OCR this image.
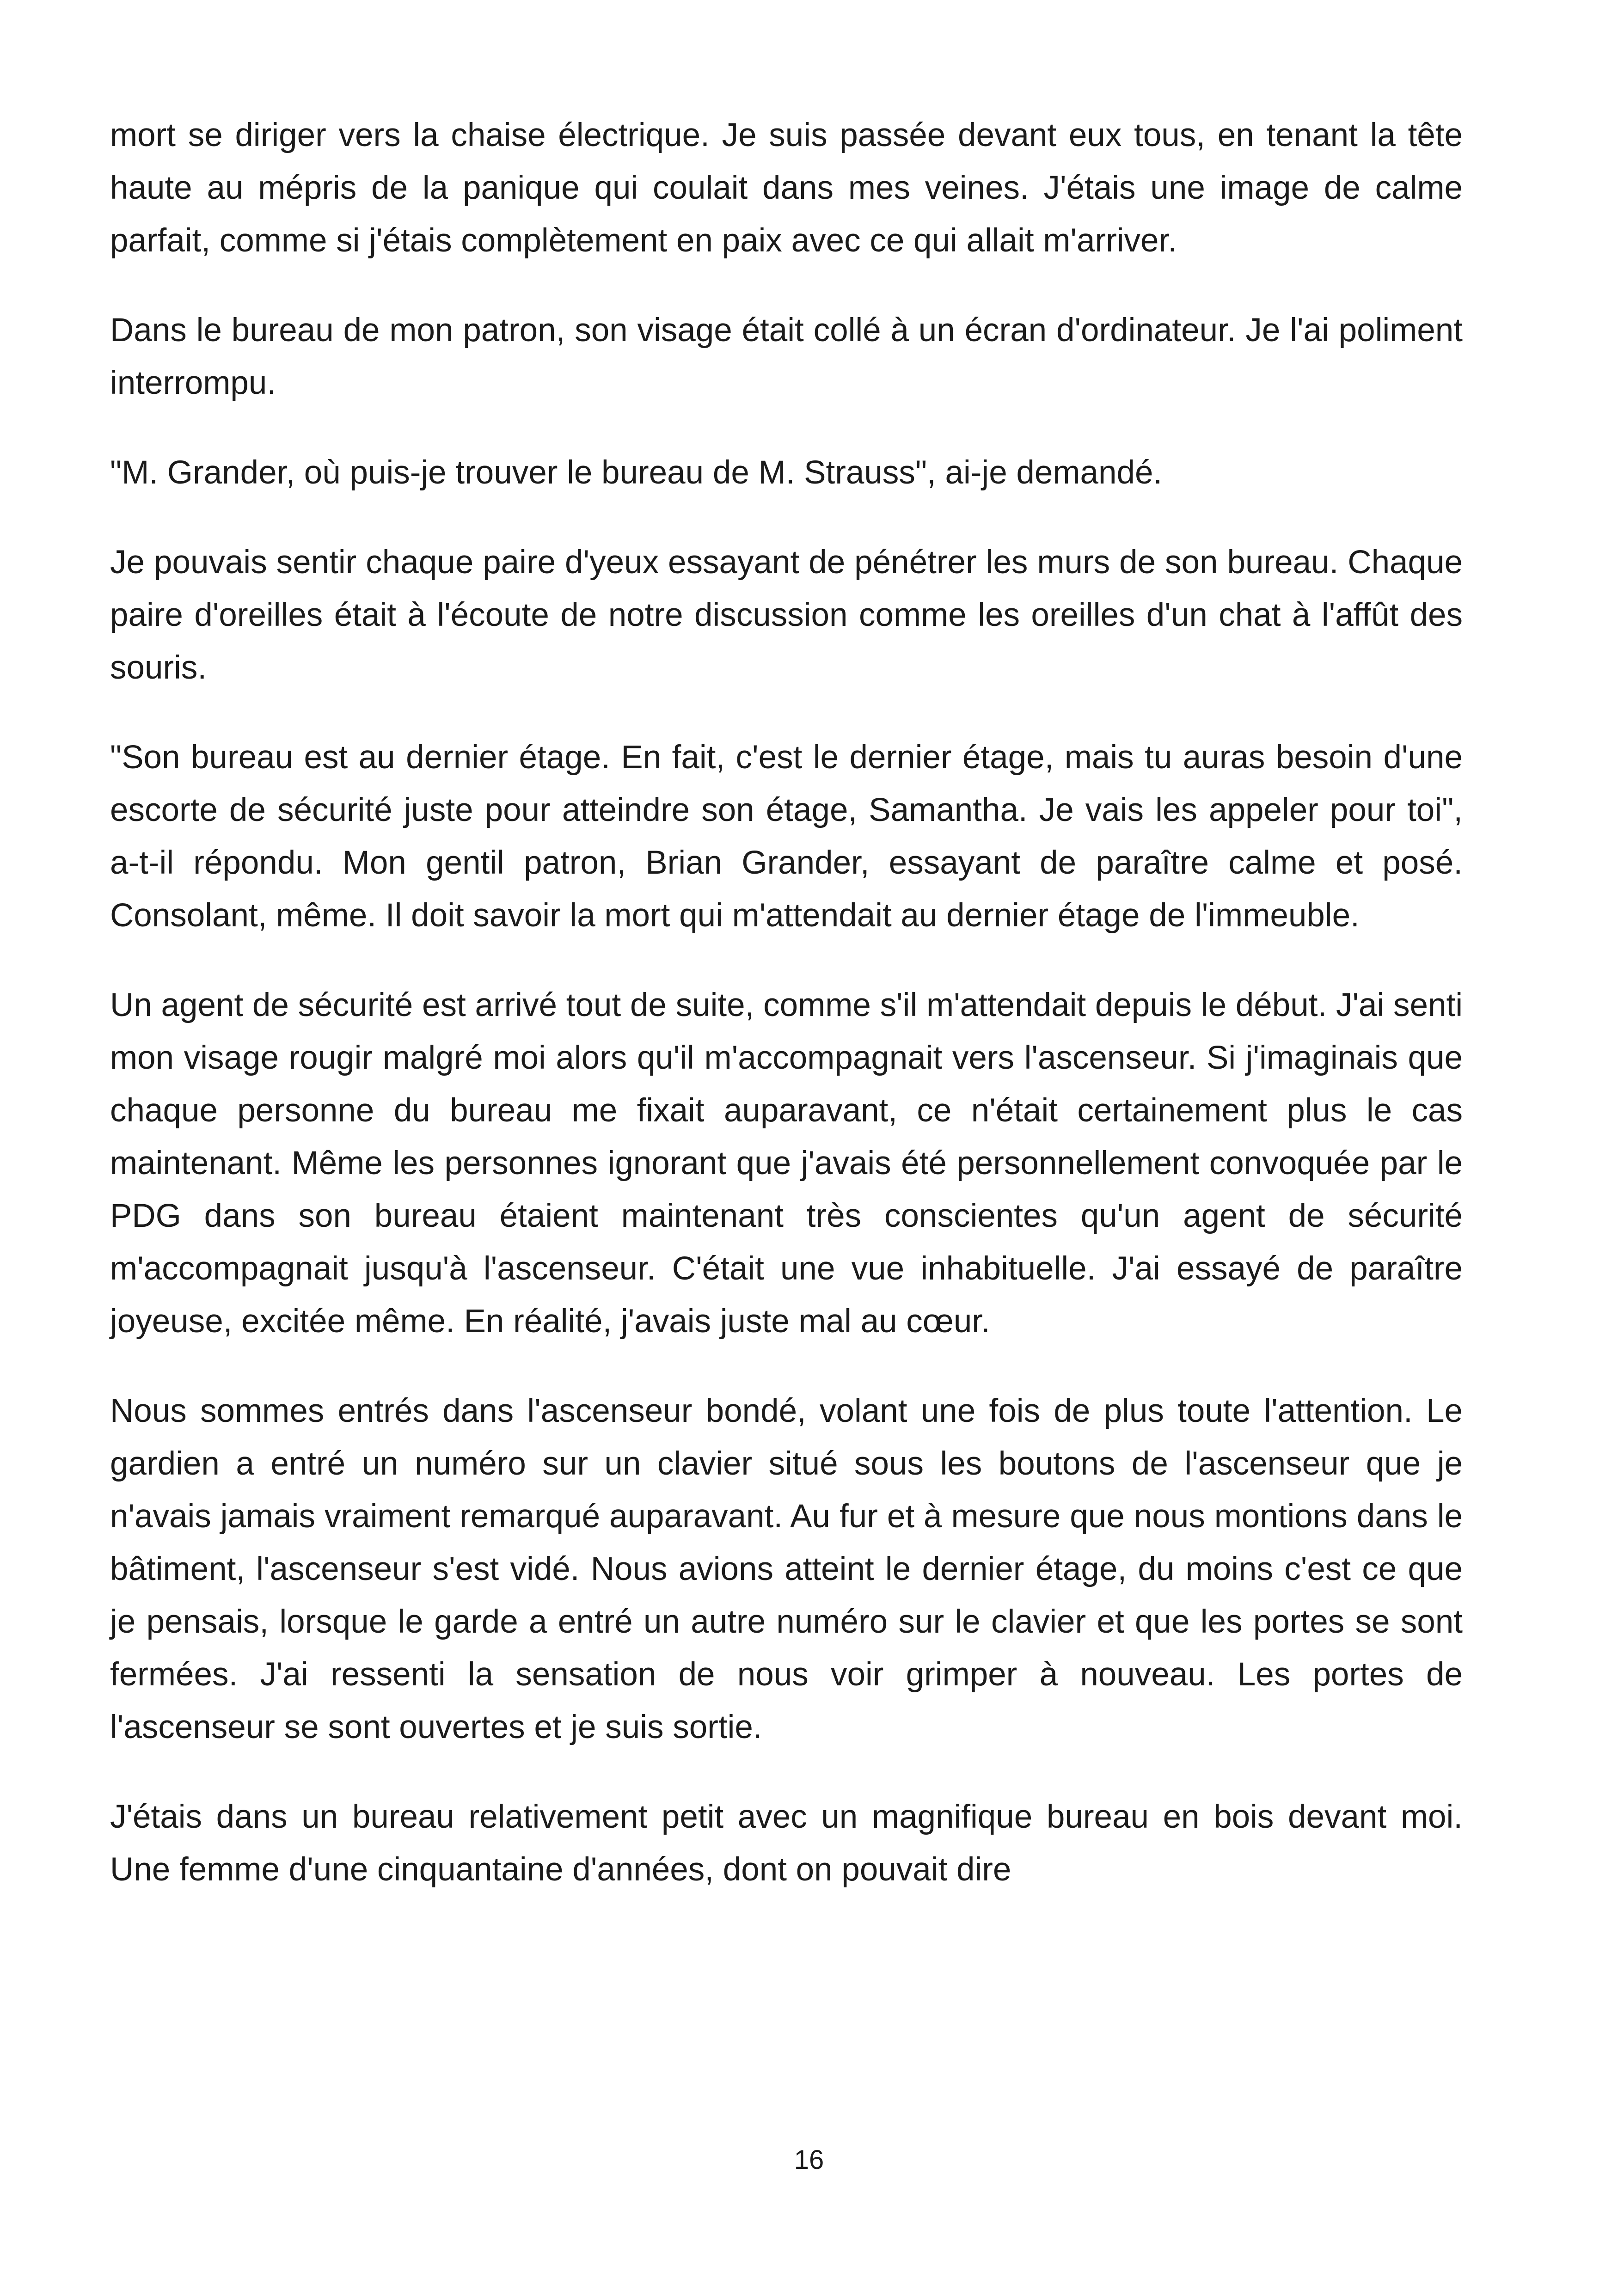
mort se diriger vers la chaise électrique. Je suis passée devant eux tous, en tenant la tête haute au mépris de la panique qui coulait dans mes veines. J'étais une image de calme parfait, comme si j'étais complètement en paix avec ce qui allait m'arriver.

Dans le bureau de mon patron, son visage était collé à un écran d'ordinateur. Je l'ai poliment interrompu.

"M. Grander, où puis-je trouver le bureau de M. Strauss", ai-je demandé.

Je pouvais sentir chaque paire d'yeux essayant de pénétrer les murs de son bureau. Chaque paire d'oreilles était à l'écoute de notre discussion comme les oreilles d'un chat à l'affût des souris.

"Son bureau est au dernier étage. En fait, c'est le dernier étage, mais tu auras besoin d'une escorte de sécurité juste pour atteindre son étage, Samantha. Je vais les appeler pour toi", a-t-il répondu. Mon gentil patron, Brian Grander, essayant de paraître calme et posé. Consolant, même. Il doit savoir la mort qui m'attendait au dernier étage de l'immeuble.

Un agent de sécurité est arrivé tout de suite, comme s'il m'attendait depuis le début. J'ai senti mon visage rougir malgré moi alors qu'il m'accompagnait vers l'ascenseur. Si j'imaginais que chaque personne du bureau me fixait auparavant, ce n'était certainement plus le cas maintenant. Même les personnes ignorant que j'avais été personnellement convoquée par le PDG dans son bureau étaient maintenant très conscientes qu'un agent de sécurité m'accompagnait jusqu'à l'ascenseur. C'était une vue inhabituelle. J'ai essayé de paraître joyeuse, excitée même. En réalité, j'avais juste mal au cœur.

Nous sommes entrés dans l'ascenseur bondé, volant une fois de plus toute l'attention. Le gardien a entré un numéro sur un clavier situé sous les boutons de l'ascenseur que je n'avais jamais vraiment remarqué auparavant. Au fur et à mesure que nous montions dans le bâtiment, l'ascenseur s'est vidé. Nous avions atteint le dernier étage, du moins c'est ce que je pensais, lorsque le garde a entré un autre numéro sur le clavier et que les portes se sont fermées. J'ai ressenti la sensation de nous voir grimper à nouveau. Les portes de l'ascenseur se sont ouvertes et je suis sortie.

J'étais dans un bureau relativement petit avec un magnifique bureau en bois devant moi. Une femme d'une cinquantaine d'années, dont on pouvait dire

16
